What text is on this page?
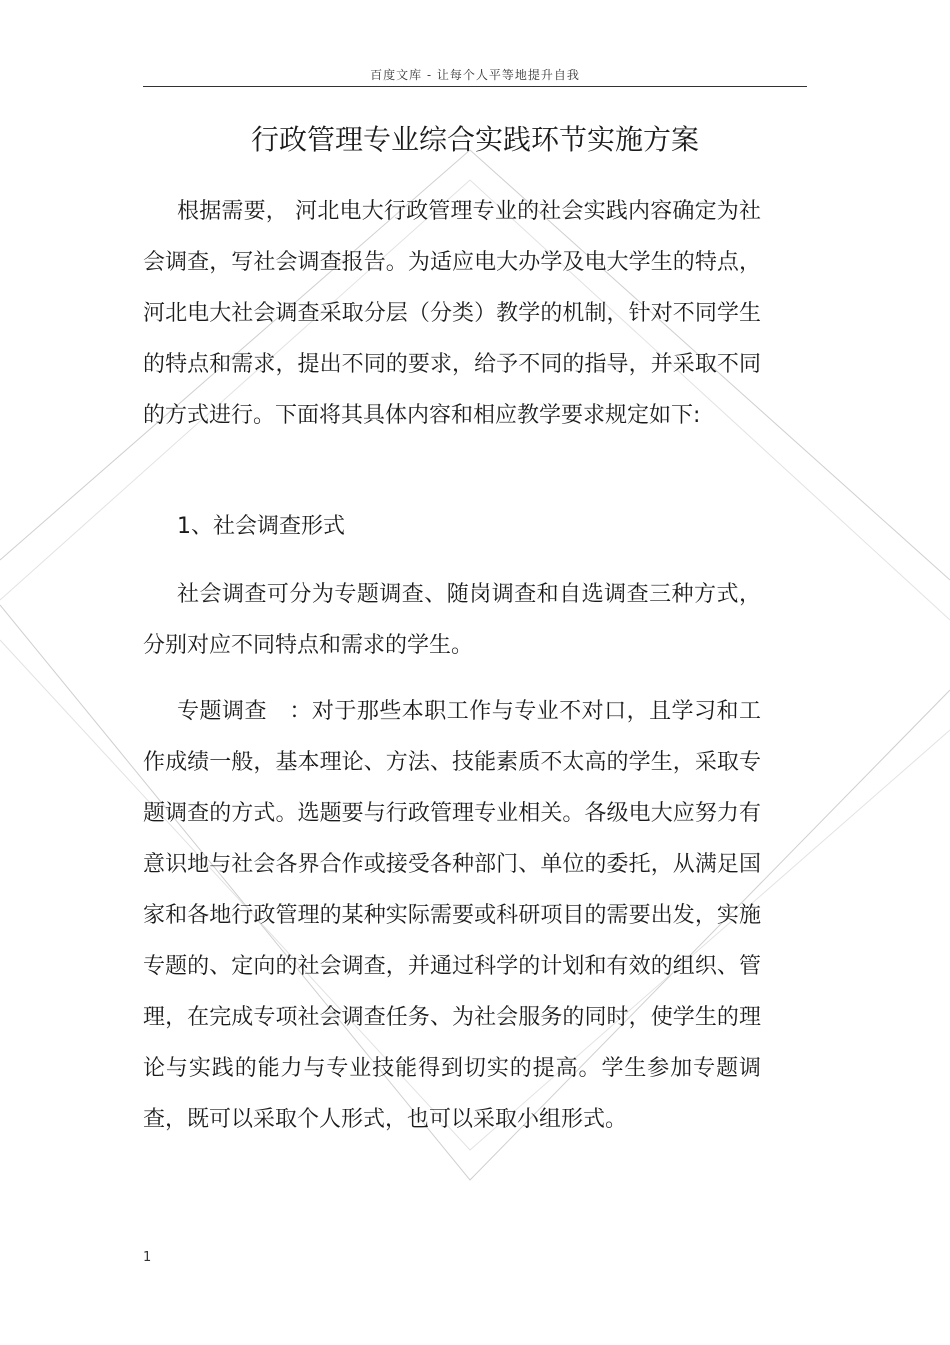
百度文库 - 让每个人平等地提升自我
行政管理专业综合实践环节实施方案

根据需要， 河北电大行政管理专业的社会实践内容确定为社会调查，写社会调查报告。为适应电大办学及电大学生的特点，河北电大社会调查采取分层（分类）教学的机制，针对不同学生的特点和需求，提出不同的要求，给予不同的指导，并采取不同的方式进行。下面将其具体内容和相应教学要求规定如下:

1、社会调查形式

社会调查可分为专题调查、随岗调查和自选调查三种方式，分别对应不同特点和需求的学生。

专题调查　：对于那些本职工作与专业不对口，且学习和工作成绩一般，基本理论、方法、技能素质不太高的学生，采取专题调查的方式。选题要与行政管理专业相关。各级电大应努力有意识地与社会各界合作或接受各种部门、单位的委托，从满足国家和各地行政管理的某种实际需要或科研项目的需要出发，实施专题的、定向的社会调查，并通过科学的计划和有效的组织、管理，在完成专项社会调查任务、为社会服务的同时，使学生的理论与实践的能力与专业技能得到切实的提高。学生参加专题调查，既可以采取个人形式，也可以采取小组形式。

1
